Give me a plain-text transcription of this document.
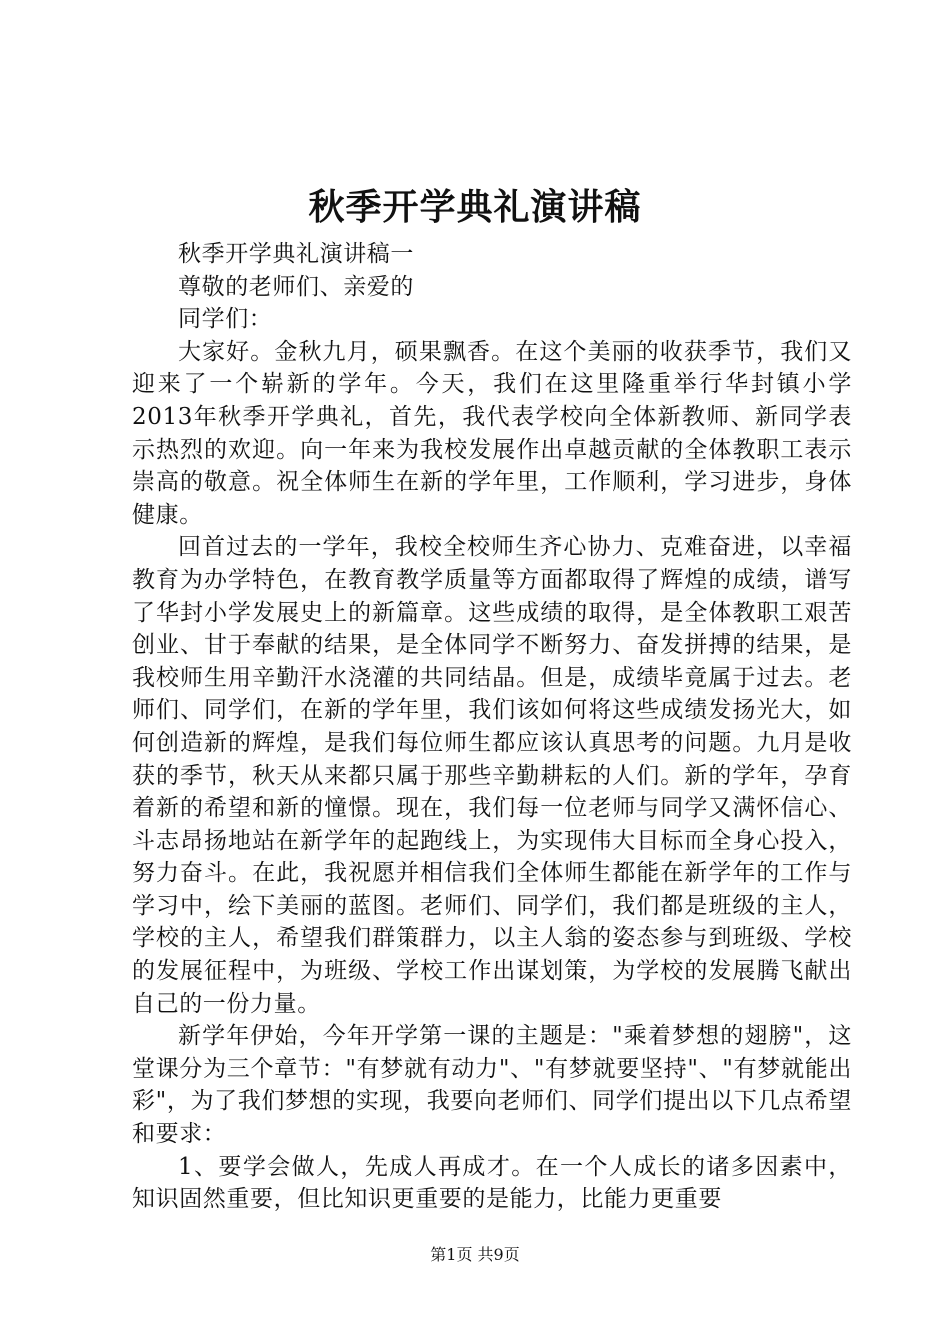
秋季开学典礼演讲稿

秋季开学典礼演讲稿一

尊敬的老师们、亲爱的

同学们：

大家好。金秋九月，硕果飘香。在这个美丽的收获季节，我们又迎来了一个崭新的学年。今天，我们在这里隆重举行华封镇小学2013年秋季开学典礼，首先，我代表学校向全体新教师、新同学表示热烈的欢迎。向一年来为我校发展作出卓越贡献的全体教职工表示崇高的敬意。祝全体师生在新的学年里，工作顺利，学习进步，身体健康。

回首过去的一学年，我校全校师生齐心协力、克难奋进，以幸福教育为办学特色，在教育教学质量等方面都取得了辉煌的成绩，谱写了华封小学发展史上的新篇章。这些成绩的取得，是全体教职工艰苦创业、甘于奉献的结果，是全体同学不断努力、奋发拼搏的结果，是我校师生用辛勤汗水浇灌的共同结晶。但是，成绩毕竟属于过去。老师们、同学们，在新的学年里，我们该如何将这些成绩发扬光大，如何创造新的辉煌，是我们每位师生都应该认真思考的问题。九月是收获的季节，秋天从来都只属于那些辛勤耕耘的人们。新的学年，孕育着新的希望和新的憧憬。现在，我们每一位老师与同学又满怀信心、斗志昂扬地站在新学年的起跑线上，为实现伟大目标而全身心投入，努力奋斗。在此，我祝愿并相信我们全体师生都能在新学年的工作与学习中，绘下美丽的蓝图。老师们、同学们，我们都是班级的主人，学校的主人，希望我们群策群力，以主人翁的姿态参与到班级、学校的发展征程中，为班级、学校工作出谋划策，为学校的发展腾飞献出自己的一份力量。

新学年伊始，今年开学第一课的主题是："乘着梦想的翅膀"，这堂课分为三个章节："有梦就有动力"、"有梦就要坚持"、"有梦就能出彩"，为了我们梦想的实现，我要向老师们、同学们提出以下几点希望和要求：

1、要学会做人，先成人再成才。在一个人成长的诸多因素中，知识固然重要，但比知识更重要的是能力，比能力更重要

第1页 共9页
